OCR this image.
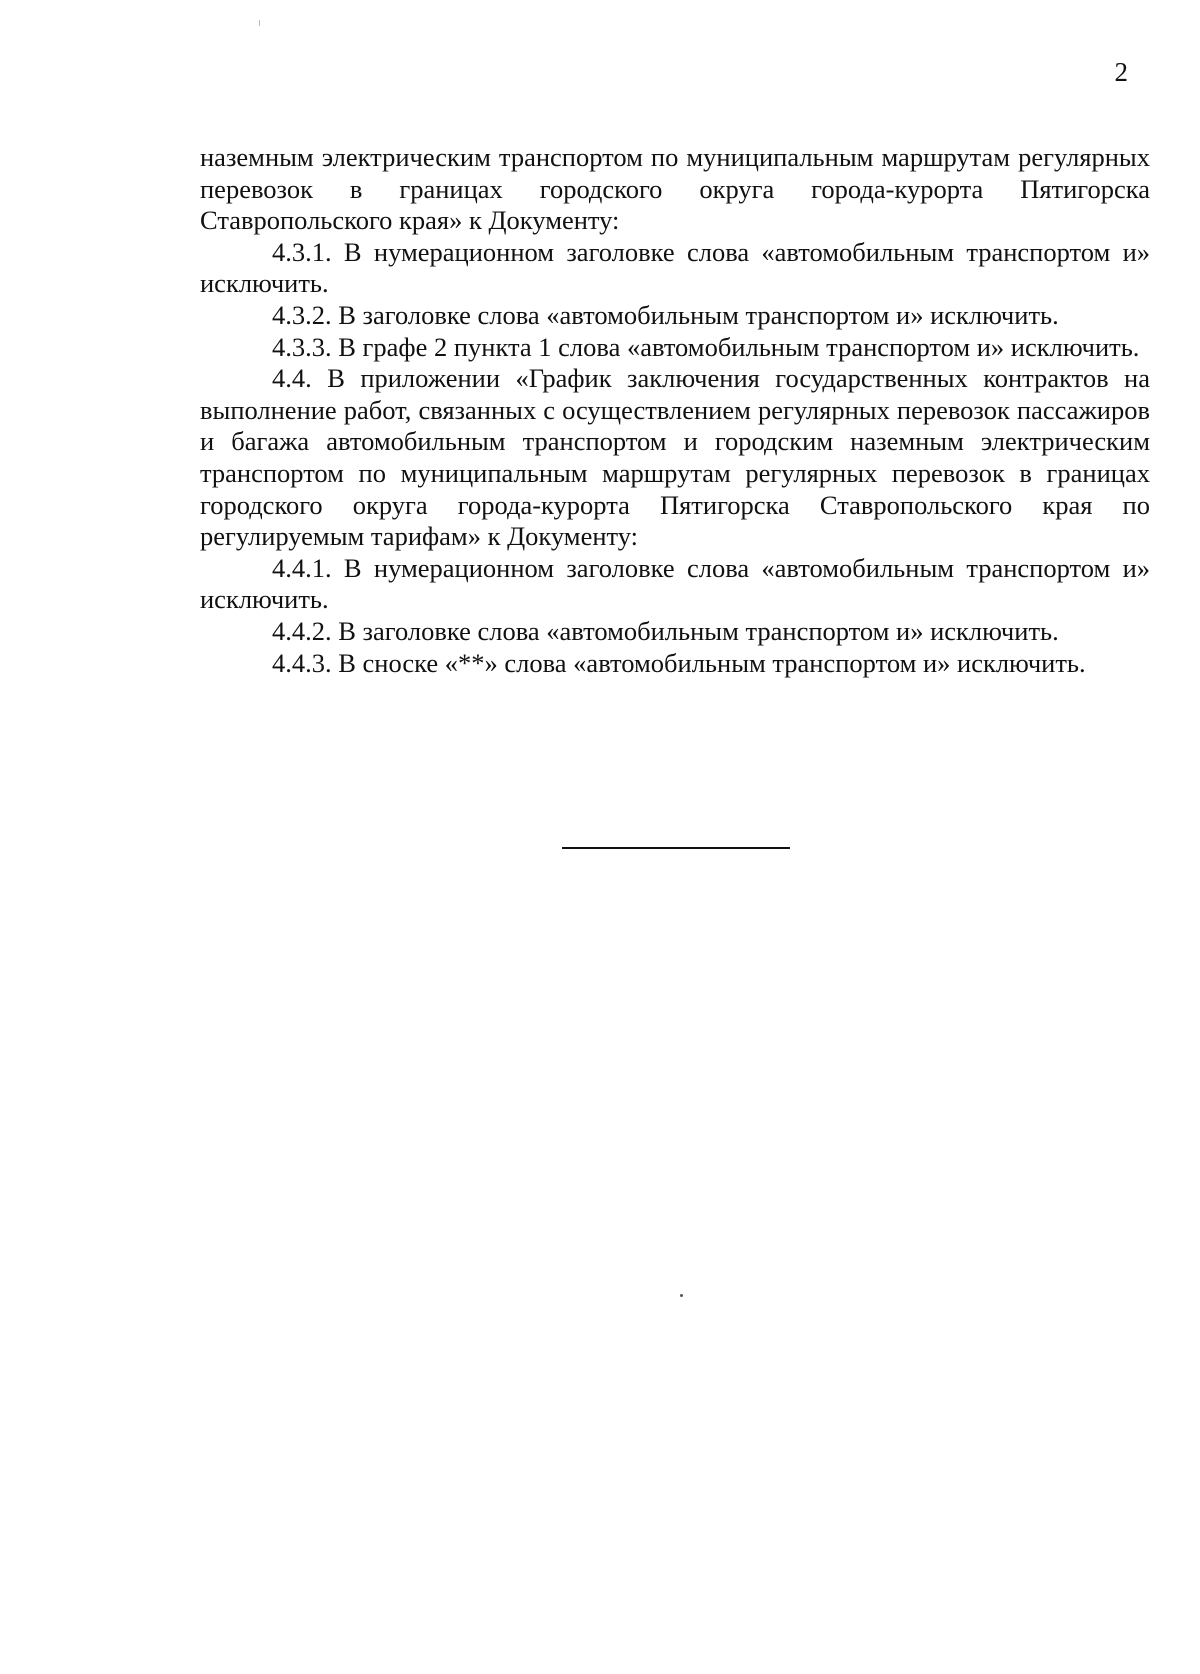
2

наземным электрическим транспортом по муниципальным маршрутам регулярных перевозок в границах городского округа города-курорта Пятигорска Ставропольского края» к Документу:

4.3.1. В нумерационном заголовке слова «автомобильным транспортом и» исключить.

4.3.2. В заголовке слова «автомобильным транспортом и» исключить.

4.3.3. В графе 2 пункта 1 слова «автомобильным транспортом и» исключить.

4.4. В приложении «График заключения государственных контрактов на выполнение работ, связанных с осуществлением регулярных перевозок пассажиров и багажа автомобильным транспортом и городским наземным электрическим транспортом по муниципальным маршрутам регулярных перевозок в границах городского округа города-курорта Пятигорска Ставропольского края по регулируемым тарифам» к Документу:

4.4.1. В нумерационном заголовке слова «автомобильным транспортом и» исключить.

4.4.2. В заголовке слова «автомобильным транспортом и» исключить.

4.4.3. В сноске «**» слова «автомобильным транспортом и» исключить.
